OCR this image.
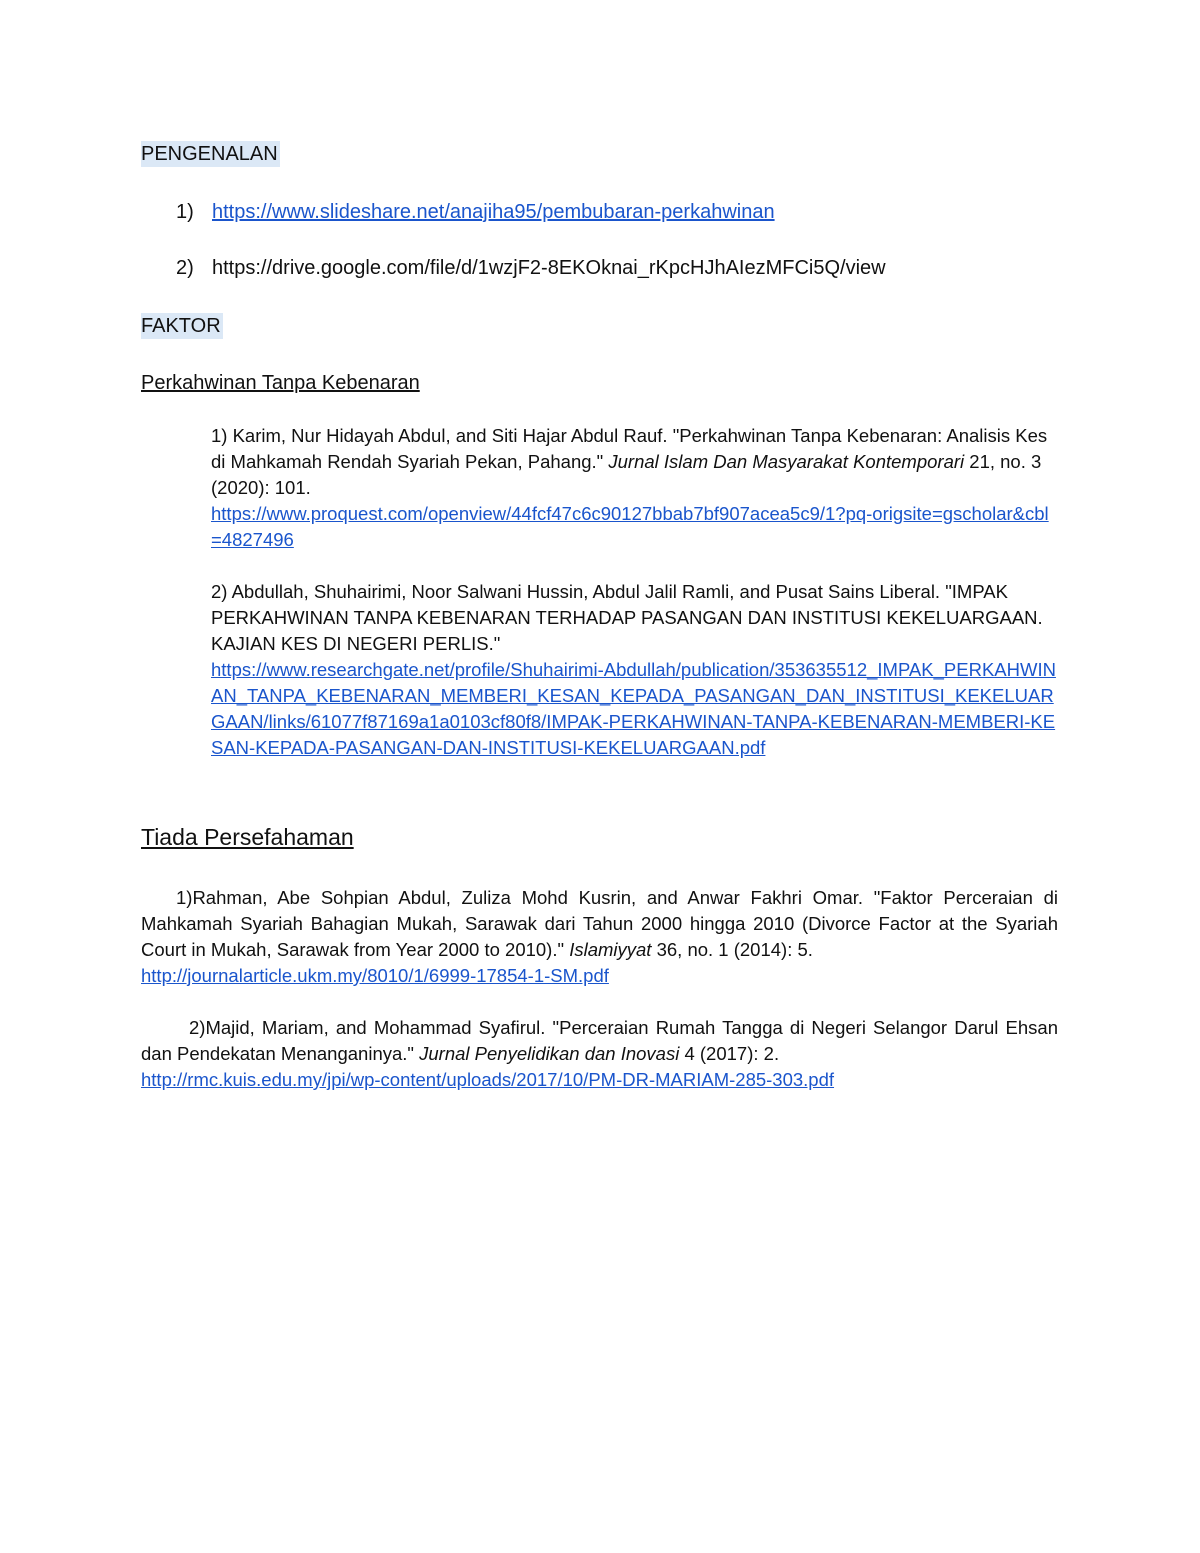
PENGENALAN
1) https://www.slideshare.net/anajiha95/pembubaran-perkahwinan
2) https://drive.google.com/file/d/1wzjF2-8EKOknai_rKpcHJhAIezMFCi5Q/view
FAKTOR
Perkahwinan Tanpa Kebenaran
1) Karim, Nur Hidayah Abdul, and Siti Hajar Abdul Rauf. "Perkahwinan Tanpa Kebenaran: Analisis Kes di Mahkamah Rendah Syariah Pekan, Pahang." Jurnal Islam Dan Masyarakat Kontemporari 21, no. 3 (2020): 101.
https://www.proquest.com/openview/44fcf47c6c90127bbab7bf907acea5c9/1?pq-origsite=gscholar&cbl=4827496
2) Abdullah, Shuhairimi, Noor Salwani Hussin, Abdul Jalil Ramli, and Pusat Sains Liberal. "IMPAK PERKAHWINAN TANPA KEBENARAN TERHADAP PASANGAN DAN INSTITUSI KEKELUARGAAN. KAJIAN KES DI NEGERI PERLIS."
https://www.researchgate.net/profile/Shuhairimi-Abdullah/publication/353635512_IMPAK_PERKAHWINAN_TANPA_KEBENARAN_MEMBERI_KESAN_KEPADA_PASANGAN_DAN_INSTITUSI_KEKELUARGAAN/links/61077f87169a1a0103cf80f8/IMPAK-PERKAHWINAN-TANPA-KEBENARAN-MEMBERI-KESAN-KEPADA-PASANGAN-DAN-INSTITUSI-KEKELUARGAAN.pdf
Tiada Persefahaman
1)Rahman, Abe Sohpian Abdul, Zuliza Mohd Kusrin, and Anwar Fakhri Omar. "Faktor Perceraian di Mahkamah Syariah Bahagian Mukah, Sarawak dari Tahun 2000 hingga 2010 (Divorce Factor at the Syariah Court in Mukah, Sarawak from Year 2000 to 2010)." Islamiyyat 36, no. 1 (2014): 5.
http://journalarticle.ukm.my/8010/1/6999-17854-1-SM.pdf
2)Majid, Mariam, and Mohammad Syafirul. "Perceraian Rumah Tangga di Negeri Selangor Darul Ehsan dan Pendekatan Menanganinya." Jurnal Penyelidikan dan Inovasi 4 (2017): 2.
http://rmc.kuis.edu.my/jpi/wp-content/uploads/2017/10/PM-DR-MARIAM-285-303.pdf
